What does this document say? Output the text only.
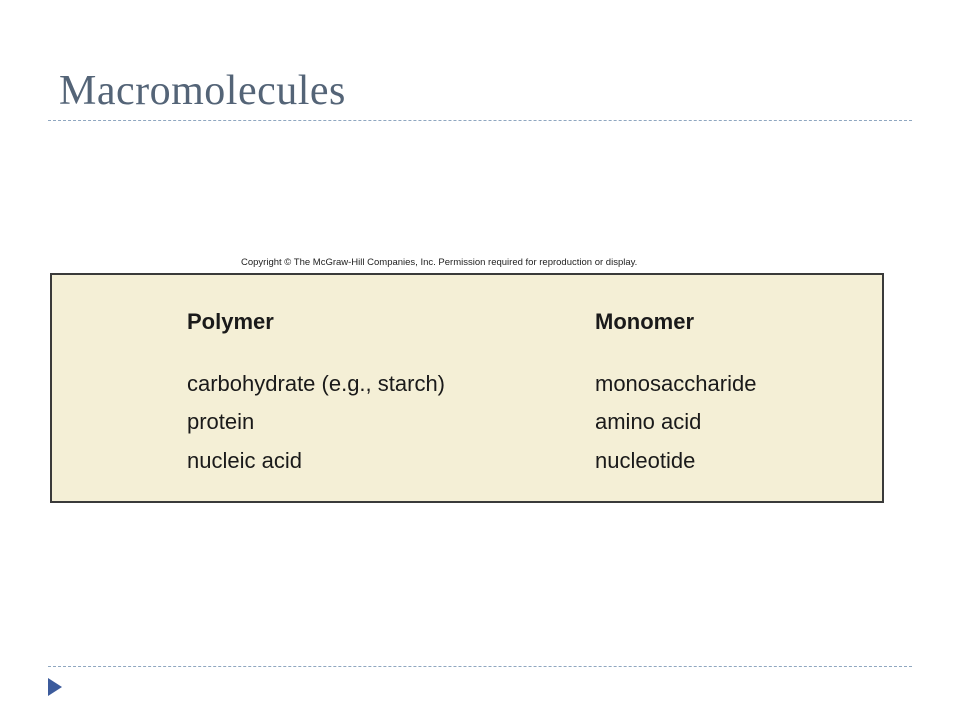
Macromolecules
Copyright © The McGraw-Hill Companies, Inc. Permission required for reproduction or display.
Polymer
carbohydrate (e.g., starch)
protein
nucleic acid
Monomer
monosaccharide
amino acid
nucleotide
